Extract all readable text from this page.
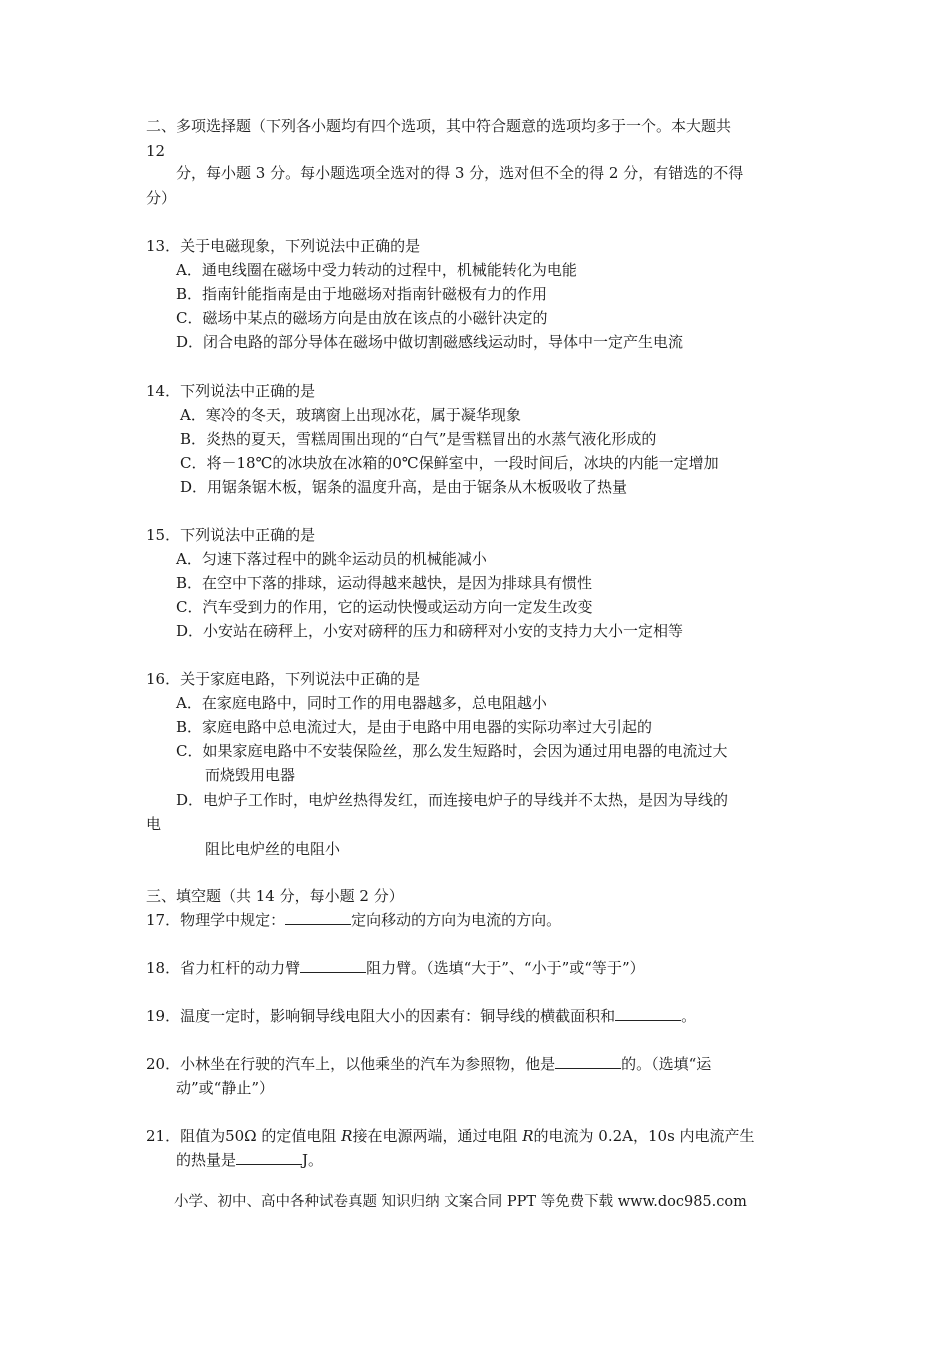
二、多项选择题（下列各小题均有四个选项，其中符合题意的选项均多于一个。本大题共
12
分，每小题 3 分。每小题选项全选对的得 3 分，选对但不全的得 2 分，有错选的不得
分）
13．关于电磁现象，下列说法中正确的是
A．通电线圈在磁场中受力转动的过程中，机械能转化为电能
B．指南针能指南是由于地磁场对指南针磁极有力的作用
C．磁场中某点的磁场方向是由放在该点的小磁针决定的
D．闭合电路的部分导体在磁场中做切割磁感线运动时，导体中一定产生电流
14．下列说法中正确的是
A．寒冷的冬天，玻璃窗上出现冰花，属于凝华现象
B．炎热的夏天，雪糕周围出现的“白气”是雪糕冒出的水蒸气液化形成的
C．将－18℃的冰块放在冰箱的0℃保鲜室中，一段时间后，冰块的内能一定增加
D．用锯条锯木板，锯条的温度升高，是由于锯条从木板吸收了热量
15．下列说法中正确的是
A．匀速下落过程中的跳伞运动员的机械能减小
B．在空中下落的排球，运动得越来越快，是因为排球具有惯性
C．汽车受到力的作用，它的运动快慢或运动方向一定发生改变
D．小安站在磅秤上，小安对磅秤的压力和磅秤对小安的支持力大小一定相等
16．关于家庭电路，下列说法中正确的是
A．在家庭电路中，同时工作的用电器越多，总电阻越小
B．家庭电路中总电流过大，是由于电路中用电器的实际功率过大引起的
C．如果家庭电路中不安装保险丝，那么发生短路时，会因为通过用电器的电流过大
而烧毁用电器
D．电炉子工作时，电炉丝热得发红，而连接电炉子的导线并不太热，是因为导线的
电
阻比电炉丝的电阻小
三、填空题（共 14 分，每小题 2 分）
17．物理学中规定：	定向移动的方向为电流的方向。
18．省力杠杆的动力臂	阻力臂。（选填“大于”、“小于”或“等于”）
19．温度一定时，影响铜导线电阻大小的因素有：铜导线的横截面积和	。
20．小林坐在行驶的汽车上，以他乘坐的汽车为参照物，他是	的。（选填“运
动”或“静止”）
21．阻值为50Ω 的定值电阻 R接在电源两端，通过电阻 R的电流为 0.2A，10s 内电流产生
的热量是	J。
小学、初中、高中各种试卷真题 知识归纳 文案合同 PPT 等免费下载 www.doc985.com
